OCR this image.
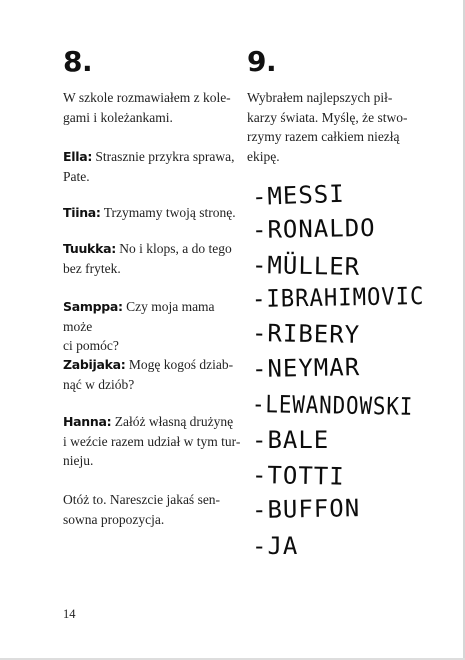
8.
W szkole rozmawiałem z kole-
gami i koleżankami.
Ella: Strasznie przykra sprawa,
Pate.
Tiina: Trzymamy twoją stronę.
Tuukka: No i klops, a do tego
bez frytek.
Samppa: Czy moja mama może
ci pomóc?
Zabijaka: Mogę kogoś dziab-
nąć w dziób?
Hanna: Załóż własną drużynę
i weźcie razem udział w tym tur-
nieju.
Otóż to. Nareszcie jakaś sen-
sowna propozycja.
9.
Wybrałem najlepszych pił-
karzy świata. Myślę, że stwo-
rzymy razem całkiem niezłą
ekipę.
-MESSI
-RONALDO
-MÜLLER
-IBRAHIMOVIC
-RIBERY
-NEYMAR
-LEWANDOWSKI
-BALE
-TOTTI
-BUFFON
-JA
14
